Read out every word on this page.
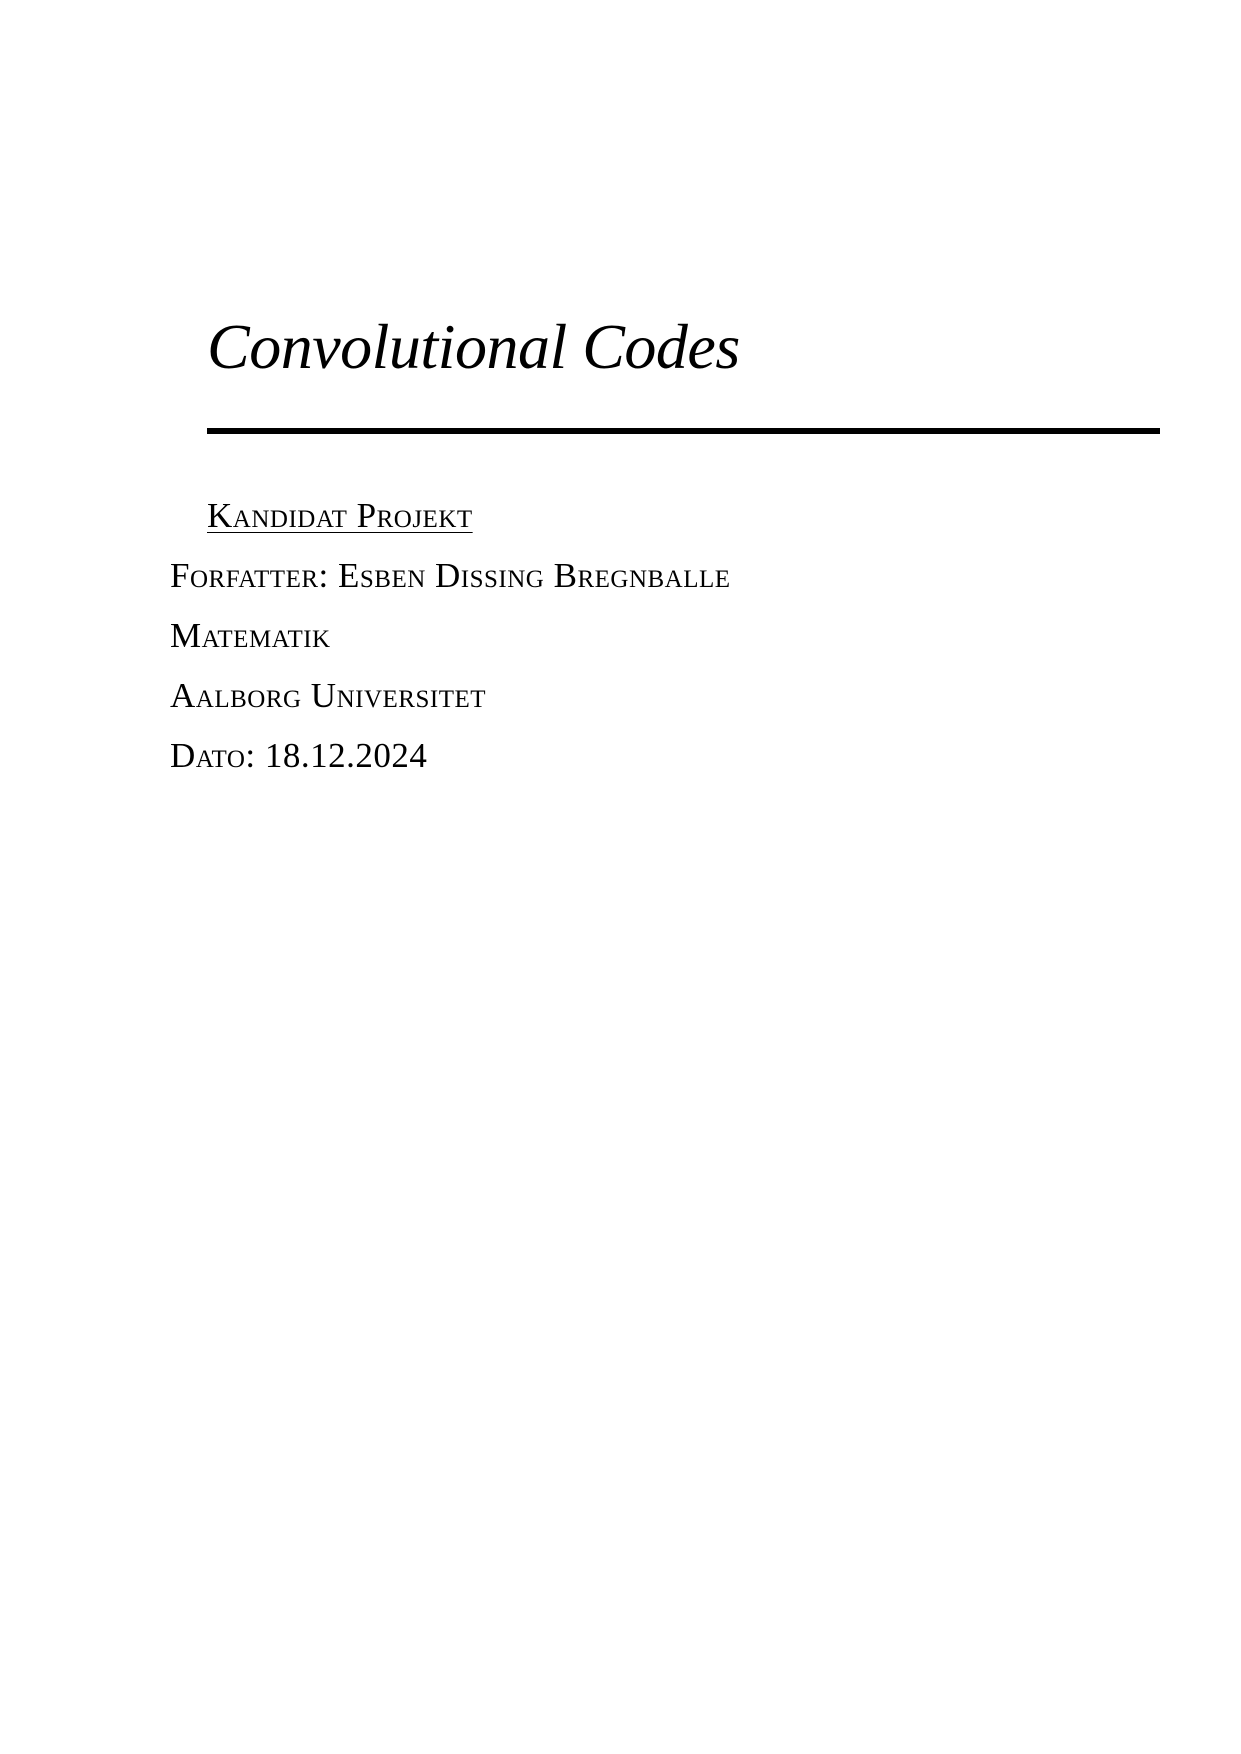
Convolutional Codes
Kandidat Projekt
Forfatter: Esben Dissing Bregnballe
Matematik
Aalborg Universitet
Dato: 18.12.2024
